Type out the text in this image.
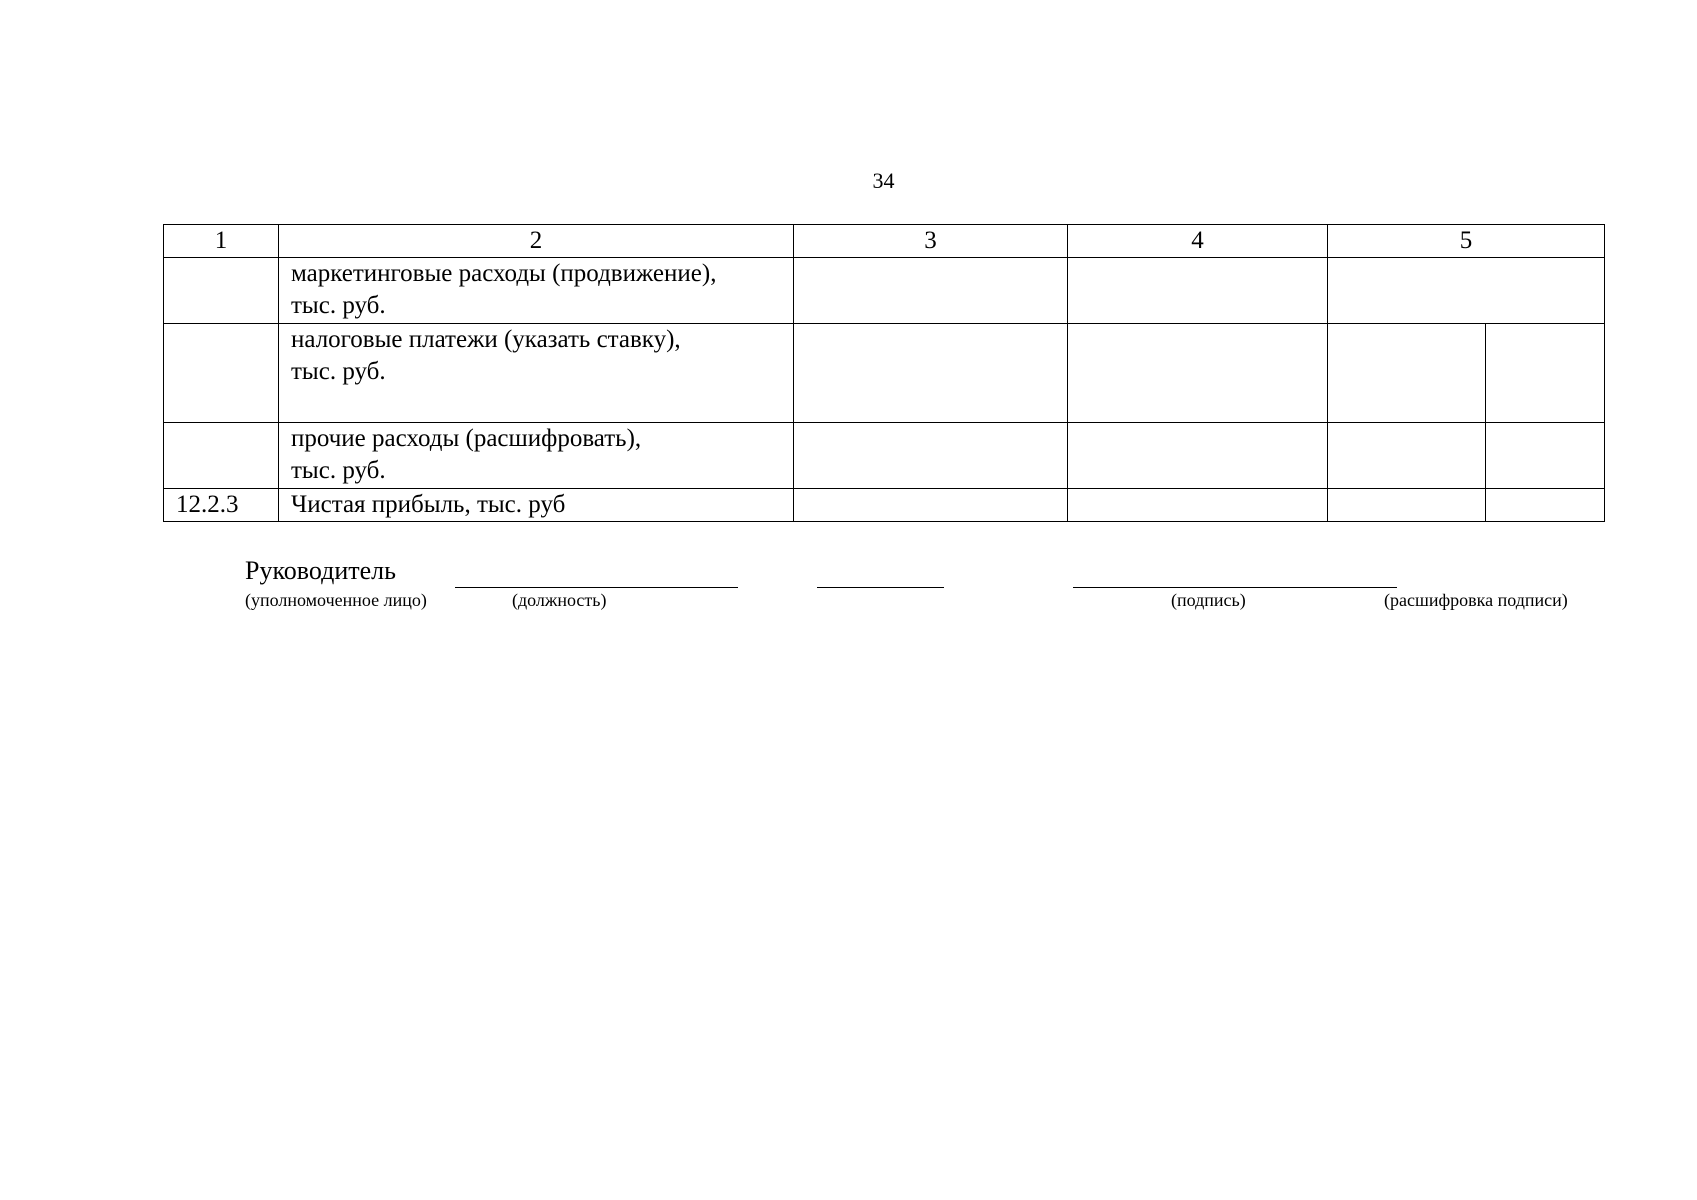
34
1	2	3	4	5	

	маркетинговые расходы (продвижение),
тыс. руб.				

	налоговые платежи (указать ставку),
тыс. руб.				

	прочие расходы (расшифровать),
тыс. руб.				

12.2.3	Чистая прибыль, тыс. руб				

Руководитель
(уполномоченное лицо)	(должность)	(подпись)	(расшифровка подписи)
